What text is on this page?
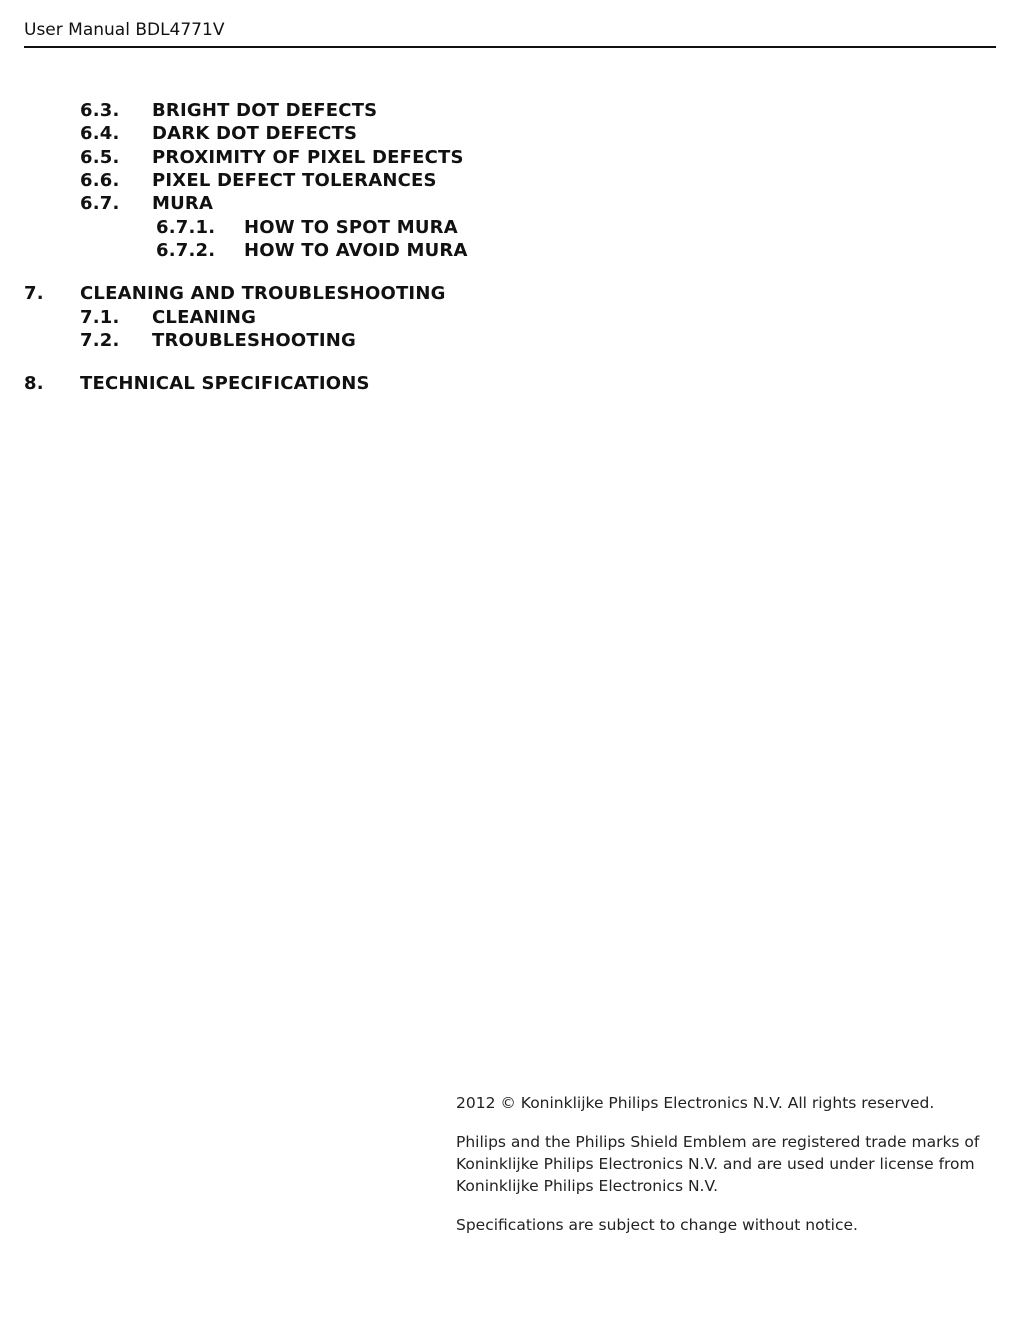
User Manual BDL4771V
6.3. BRIGHT DOT DEFECTS
6.4. DARK DOT DEFECTS
6.5. PROXIMITY OF PIXEL DEFECTS
6.6. PIXEL DEFECT TOLERANCES
6.7. MURA
6.7.1. HOW TO SPOT MURA
6.7.2. HOW TO AVOID MURA
7. CLEANING AND TROUBLESHOOTING
7.1. CLEANING
7.2. TROUBLESHOOTING
8. TECHNICAL SPECIFICATIONS

2012 © Koninklijke Philips Electronics N.V. All rights reserved.

Philips and the Philips Shield Emblem are registered trade marks of
Koninklijke Philips Electronics N.V. and are used under license from
Koninklijke Philips Electronics N.V.

Specifications are subject to change without notice.
